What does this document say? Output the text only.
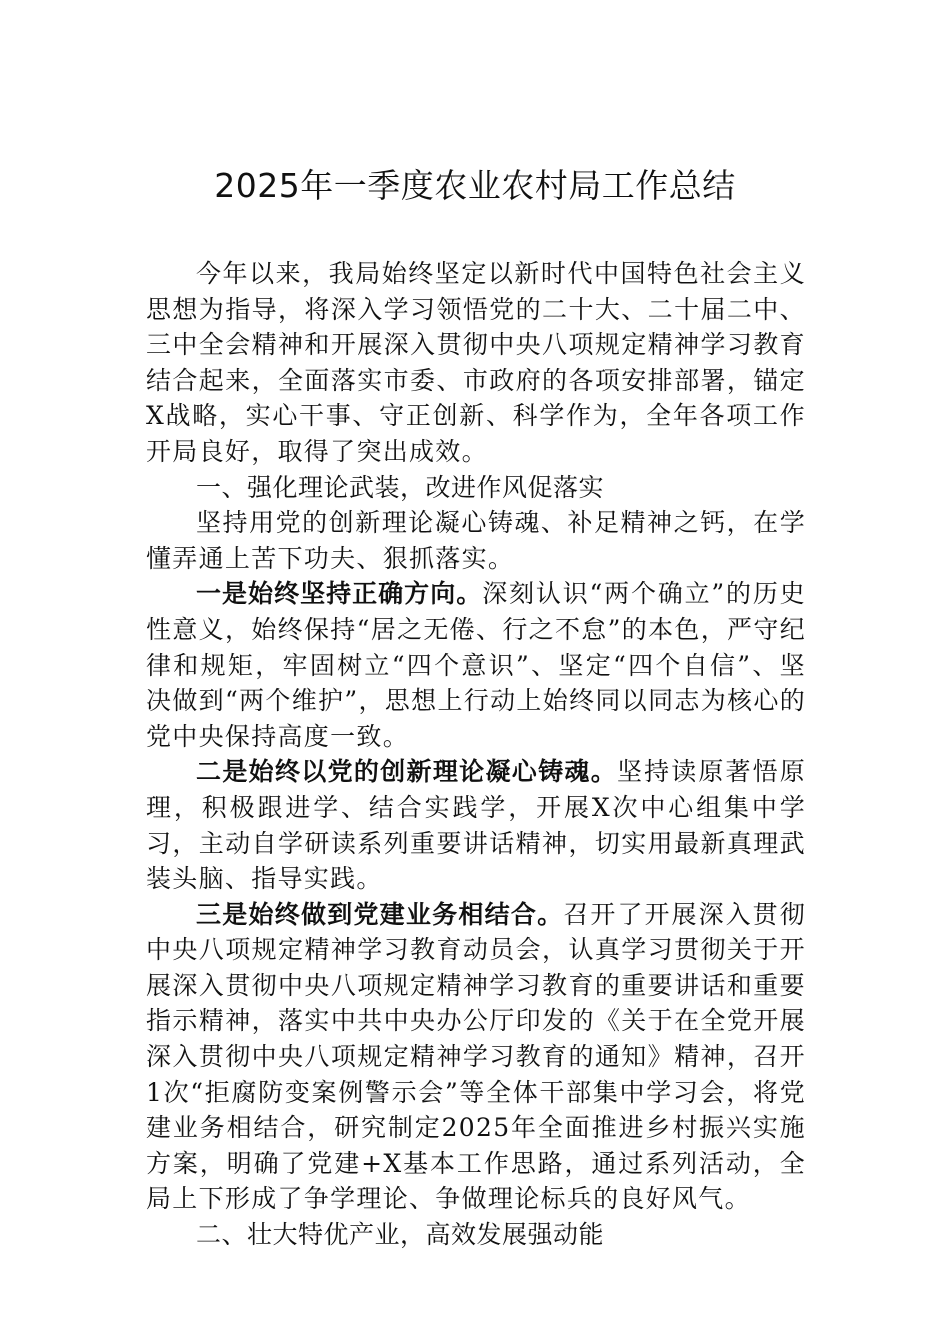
2025年一季度农业农村局工作总结

今年以来，我局始终坚定以新时代中国特色社会主义思想为指导，将深入学习领悟党的二十大、二十届二中、三中全会精神和开展深入贯彻中央八项规定精神学习教育结合起来，全面落实市委、市政府的各项安排部署，锚定X战略，实心干事、守正创新、科学作为，全年各项工作开局良好，取得了突出成效。

一、强化理论武装，改进作风促落实

坚持用党的创新理论凝心铸魂、补足精神之钙，在学懂弄通上苦下功夫、狠抓落实。

一是始终坚持正确方向。深刻认识“两个确立”的历史性意义，始终保持“居之无倦、行之不怠”的本色，严守纪律和规矩，牢固树立“四个意识”、坚定“四个自信”、坚决做到“两个维护”，思想上行动上始终同以同志为核心的党中央保持高度一致。

二是始终以党的创新理论凝心铸魂。坚持读原著悟原理，积极跟进学、结合实践学，开展X次中心组集中学习，主动自学研读系列重要讲话精神，切实用最新真理武装头脑、指导实践。

三是始终做到党建业务相结合。召开了开展深入贯彻中央八项规定精神学习教育动员会，认真学习贯彻关于开展深入贯彻中央八项规定精神学习教育的重要讲话和重要指示精神，落实中共中央办公厅印发的《关于在全党开展深入贯彻中央八项规定精神学习教育的通知》精神，召开1次“拒腐防变案例警示会”等全体干部集中学习会，将党建业务相结合，研究制定2025年全面推进乡村振兴实施方案，明确了党建+X基本工作思路，通过系列活动，全局上下形成了争学理论、争做理论标兵的良好风气。

二、壮大特优产业，高效发展强动能
